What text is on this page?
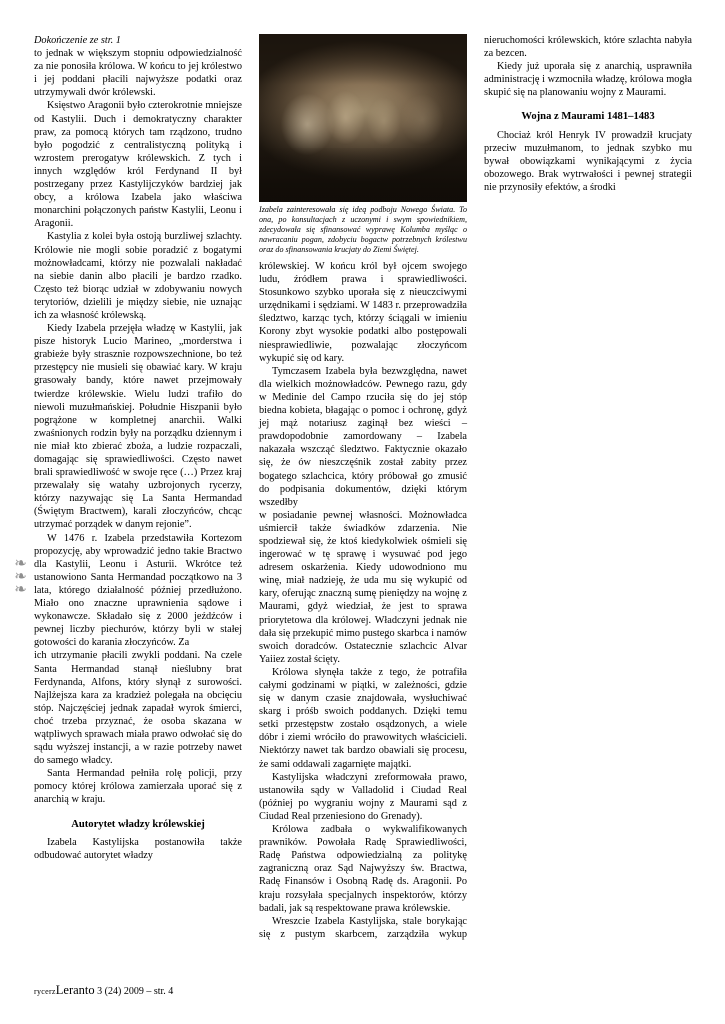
❧
❧
❧

Dokończenie ze str. 1

to jednak w większym stopniu odpowiedzialność za nie ponosiła królowa. W końcu to jej królestwo i jej poddani płacili najwyższe podatki oraz utrzymywali dwór królewski.

Księstwo Aragonii było czterokrotnie mniejsze od Kastylii. Duch i demokratyczny charakter praw, za pomocą których tam rządzono, trudno było pogodzić z centralistyczną polityką i wzrostem prerogatyw królewskich. Z tych i innych względów król Ferdynand II był postrzegany przez Kastylijczyków bardziej jak obcy, a królowa Izabela jako właściwa monarchini połączonych państw Kastylii, Leonu i Aragonii.

Kastylia z kolei była ostoją burzliwej szlachty. Królowie nie mogli sobie poradzić z bogatymi możnowładcami, którzy nie pozwalali nakładać na siebie danin albo płacili je bardzo rzadko. Często też biorąc udział w zdobywaniu nowych terytoriów, dzielili je między siebie, nie uznając ich za własność królewską.

Kiedy Izabela przejęła władzę w Kastylii, jak pisze historyk Lucio Marineo, „morderstwa i grabieże były strasznie rozpowszechnione, bo też przestępcy nie musieli się obawiać kary. W kraju grasowały bandy, które nawet przejmowały twierdze królewskie. Wielu ludzi trafiło do niewoli muzułmańskiej. Południe Hiszpanii było pogrążone w kompletnej anarchii. Walki zwaśnionych rodzin były na porządku dziennym i nie miał kto zbierać zboża, a ludzie rozpaczali, domagając się sprawiedliwości. Często nawet brali sprawiedliwość w swoje ręce (…) Przez kraj przewalały się watahy uzbrojonych rycerzy, którzy nazywając się La Santa Hermandad (Świętym Bractwem), karali złoczyńców, chcąc utrzymać porządek w danym rejonie”.

W 1476 r. Izabela przedstawiła Kortezom propozycję, aby wprowadzić jedno takie Bractwo dla Kastylii, Leonu i Asturii. Wkrótce też ustanowiono Santa Hermandad początkowo na 3 lata, którego działalność później przedłużono. Miało ono znaczne uprawnienia sądowe i wykonawcze. Składało się z 2000 jeźdźców i pewnej liczby piechurów, którzy byli w stałej gotowości do karania złoczyńców. Za

ich utrzymanie płacili zwykli poddani. Na czele Santa Hermandad stanął nieślubny brat Ferdynanda, Alfons, który słynął z surowości. Najlżejsza kara za kradzież polegała na obcięciu stóp. Najczęściej jednak zapadał wyrok śmierci, choć trzeba przyznać, że osoba skazana w wątpliwych sprawach miała prawo odwołać się do sądu wyższej instancji, a w razie potrzeby nawet do samego władcy.

Santa Hermandad pełniła rolę policji, przy pomocy której królowa zamierzała uporać się z anarchią w kraju.

Autorytet władzy królewskiej

Izabela Kastylijska postanowiła także odbudować autorytet władzy

Izabela zainteresowała się ideą podboju Nowego Świata. To ona, po konsultacjach z uczonymi i swym spowiednikiem, zdecydowała się sfinansować wyprawę Kolumba myśląc o nawracaniu pogan, zdobyciu bogactw potrzebnych królestwu oraz do sfinansowania krucjaty do Ziemi Świętej.

królewskiej. W końcu król był ojcem swojego ludu, źródłem prawa i sprawiedliwości. Stosunkowo szybko uporała się z nieuczciwymi urzędnikami i sędziami. W 1483 r. przeprowadziła śledztwo, karząc tych, którzy ściągali w imieniu Korony zbyt wysokie podatki albo postępowali niesprawiedliwie, pozwalając złoczyńcom wykupić się od kary.

Tymczasem Izabela była bezwzględna, nawet dla wielkich możnowładców. Pewnego razu, gdy w Medinie del Campo rzuciła się do jej stóp biedna kobieta, błagając o pomoc i ochronę, gdyż jej mąż notariusz zaginął bez wieści – prawdopodobnie zamordowany – Izabela nakazała wszcząć śledztwo. Faktycznie okazało się, że ów nieszczęśnik został zabity przez bogatego szlachcica, który próbował go zmusić do podpisania dokumentów, dzięki którym wszedłby

w posiadanie pewnej własności. Możnowładca uśmiercił także świadków zdarzenia. Nie spodziewał się, że ktoś kiedykolwiek ośmieli się ingerować w tę sprawę i wysuwać pod jego adresem oskarżenia. Kiedy udowodniono mu winę, miał nadzieję, że uda mu się wykupić od kary, oferując znaczną sumę pieniędzy na wojnę z Maurami, gdyż wiedział, że jest to sprawa priorytetowa dla królowej. Władczyni jednak nie dała się przekupić mimo pustego skarbca i namów swoich doradców. Ostatecznie szlachcic Alvar Yaiiez został ścięty.

Królowa słynęła także z tego, że potrafiła całymi godzinami w piątki, w zależności, gdzie się w danym czasie znajdowała, wysłuchiwać skarg i próśb swoich poddanych. Dzięki temu setki przestępstw zostało osądzonych, a wiele dóbr i ziemi wróciło do prawowitych właścicieli. Niektórzy nawet tak bardzo obawiali się procesu, że sami oddawali zagarnięte majątki.

Kastylijska władczyni zreformowała prawo, ustanowiła sądy w Valladolid i Ciudad Real (później po wygraniu wojny z Maurami sąd z Ciudad Real przeniesiono do Grenady).

Królowa zadbała o wykwalifikowanych prawników. Powołała Radę Sprawiedliwości, Radę Państwa odpowiedzialną za politykę zagraniczną oraz Sąd Najwyższy św. Bractwa, Radę Finansów i Osobną Radę ds. Aragonii. Po kraju rozsyłała specjalnych inspektorów, którzy badali, jak są respektowane prawa królewskie.

Wreszcie Izabela Kastylijska, stale borykając się z pustym skarbcem, zarządziła wykup nieruchomości królewskich, które szlachta nabyła za bezcen.

Kiedy już uporała się z anarchią, usprawniła administrację i wzmocniła władzę, królowa mogła skupić się na planowaniu wojny z Maurami.

Wojna z Maurami 1481–1483

Chociaż król Henryk IV prowadził krucjaty przeciw muzułmanom, to jednak szybko mu bywał obowiązkami wynikającymi z życia obozowego. Brak wytrwałości i pewnej strategii nie przynosiły efektów, a środki

rycerzLeranto 3 (24) 2009 – str. 4
